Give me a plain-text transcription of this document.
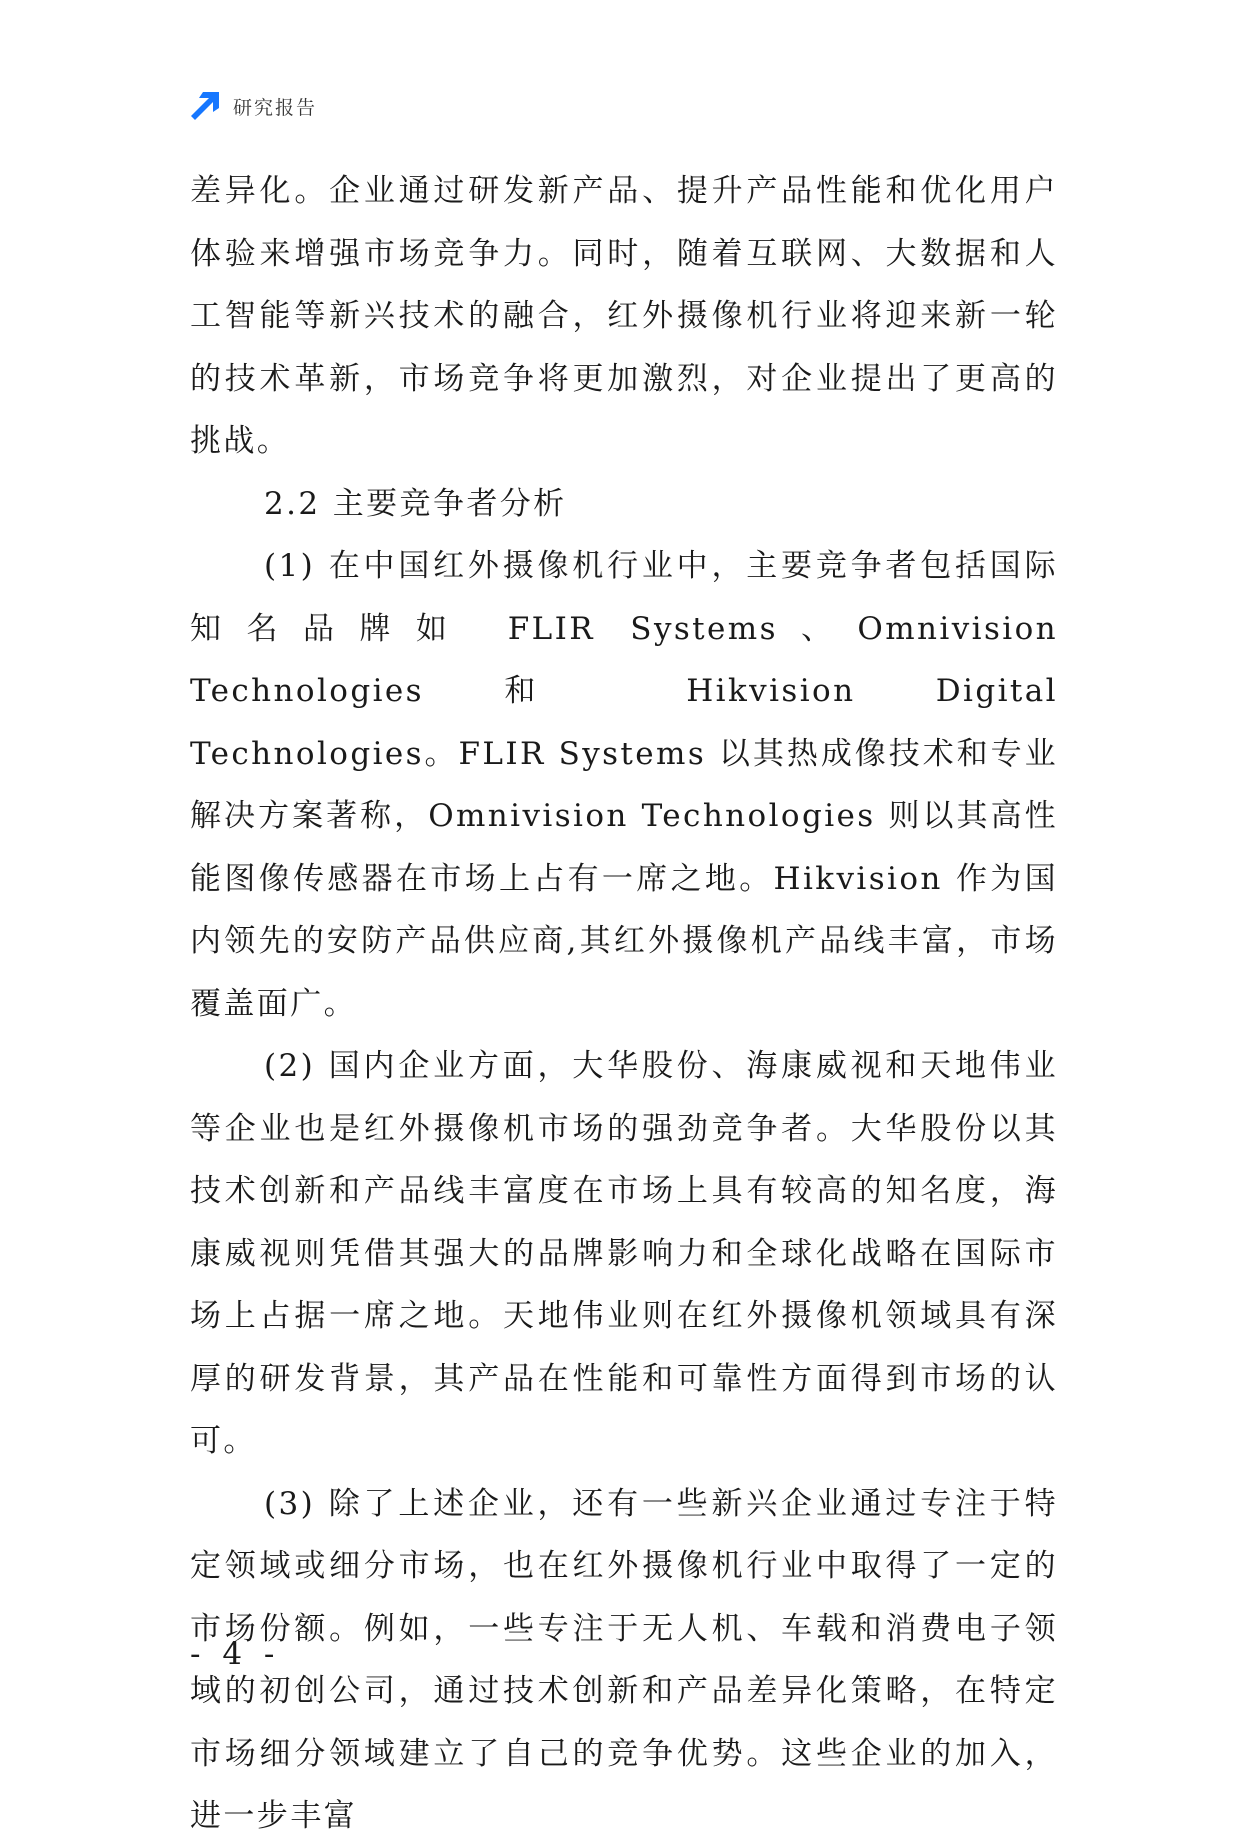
研究报告

差异化。企业通过研发新产品、提升产品性能和优化用户体验来增强市场竞争力。同时，随着互联网、大数据和人工智能等新兴技术的融合，红外摄像机行业将迎来新一轮的技术革新，市场竞争将更加激烈，对企业提出了更高的挑战。

2.2 主要竞争者分析

(1) 在中国红外摄像机行业中，主要竞争者包括国际知名品牌如 FLIR Systems、Omnivision Technologies 和 Hikvision Digital Technologies。FLIR Systems 以其热成像技术和专业解决方案著称，Omnivision Technologies 则以其高性能图像传感器在市场上占有一席之地。Hikvision 作为国内领先的安防产品供应商,其红外摄像机产品线丰富，市场覆盖面广。

(2) 国内企业方面，大华股份、海康威视和天地伟业等企业也是红外摄像机市场的强劲竞争者。大华股份以其技术创新和产品线丰富度在市场上具有较高的知名度，海康威视则凭借其强大的品牌影响力和全球化战略在国际市场上占据一席之地。天地伟业则在红外摄像机领域具有深厚的研发背景，其产品在性能和可靠性方面得到市场的认可。

(3) 除了上述企业，还有一些新兴企业通过专注于特定领域或细分市场，也在红外摄像机行业中取得了一定的市场份额。例如，一些专注于无人机、车载和消费电子领域的初创公司，通过技术创新和产品差异化策略，在特定市场细分领域建立了自己的竞争优势。这些企业的加入，进一步丰富

- 4 -
